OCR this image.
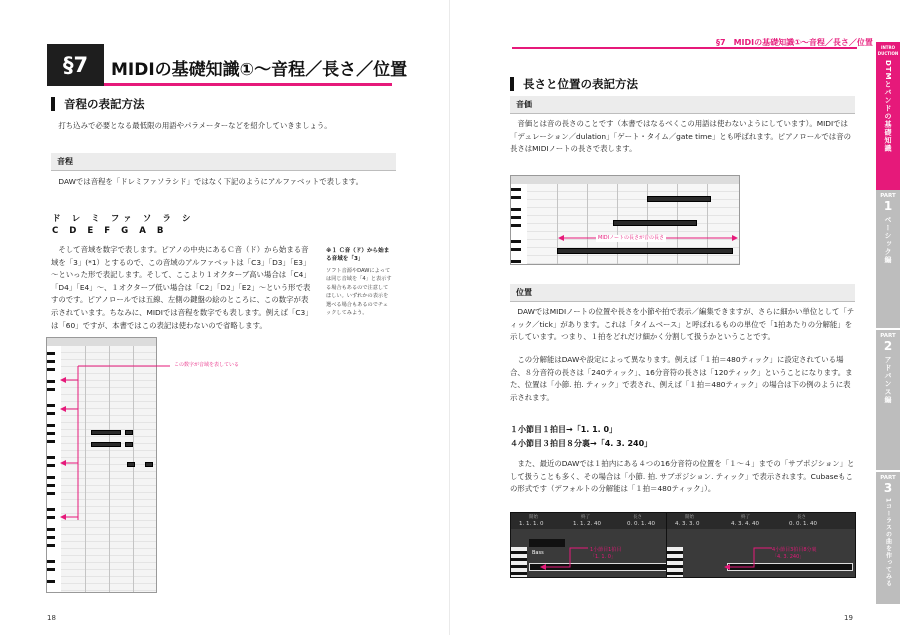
§7	MIDIの基礎知識①～音程／長さ／位置
音程の表記方法
打ち込みで必要となる最低限の用語やパラメーターなどを紹介していきましょう。
音程
DAWでは音程を「ドレミファソラシド」ではなく下記のようにアルファベットで表します。
ド レ ミ ファ ソ ラ シ
C D E F G A B
そして音域を数字で表します。ピアノの中央にあるＣ音（ド）から始まる音域を「3」(*1）とするので、この音域のアルファベットは「C3」「D3」「E3」～といった形で表記します。そして、ここより１オクターブ高い場合は「C4」「D4」「E4」～、１オクターブ低い場合は「C2」「D2」「E2」～という形で表すのです。ピアノロールでは五線、左側の鍵盤の絵のところに、この数字が表示されています。ちなみに、MIDIでは音程を数字でも表します。例えば「C3」は「60」ですが、本書ではこの表記は使わないので省略します。
※１ Ｃ音（ド）から始まる音域を「3」
ソフト音源やDAWによっては同じ音域を「4」と表示する場合もあるので注意してほしい。いずれかの表示を選べる場合もあるのでチェックしてみよう。
この数字が音域を表している
18
§7　MIDIの基礎知識①～音程／長さ／位置
長さと位置の表記方法
音価
音価とは音の長さのことです（本書ではなるべくこの用語は使わないようにしています）。MIDIでは「デュレーション／dulation」「ゲート・タイム／gate time」とも呼ばれます。ピアノロールでは音の長さはMIDIノートの長さで表します。
MIDIノートの長さが音の長さ
位置
DAWではMIDIノートの位置や長さを小節や拍で表示／編集できますが、さらに細かい単位として「ティック／tick」があります。これは「タイムベース」と呼ばれるものの単位で「1拍あたりの分解能」を示しています。つまり、１拍をどれだけ細かく分割して扱うかということです。
この分解能はDAWや設定によって異なります。例えば「１拍＝480ティック」に設定されている場合、８分音符の長さは「240ティック」、16分音符の長さは「120ティック」ということになります。また、位置は「小節. 拍. ティック」で表され、例えば「１拍＝480ティック」の場合は下の例のように表示されます。
１小節目１拍目→「1. 1. 0」
４小節目３拍目８分裏→「4. 3. 240」
また、最近のDAWでは１拍内にある４つの16分音符の位置を「１～４」までの「サブポジション」として扱うことも多く、その場合は「小節. 拍. サブポジション. ティック」で表示されます。Cubaseもこの形式です（デフォルトの分解能は「１拍＝480ティック」）。
開始	終了	長さ
1. 1. 1. 0	1. 1. 2. 40	0. 0. 1. 40
Bass	1小節目1拍目
「1. 1. 0」
開始	終了	長さ
4. 3. 3. 0	4. 3. 4. 40	0. 0. 1. 40
4小節目3拍目8分裏
「4. 3. 240」
19
INTRO DUCTION
DTMとバンドの基礎知識
PART
1
ベーシック編
PART
2
アドバンス編
PART
3
1コーラスの曲を作ってみる
